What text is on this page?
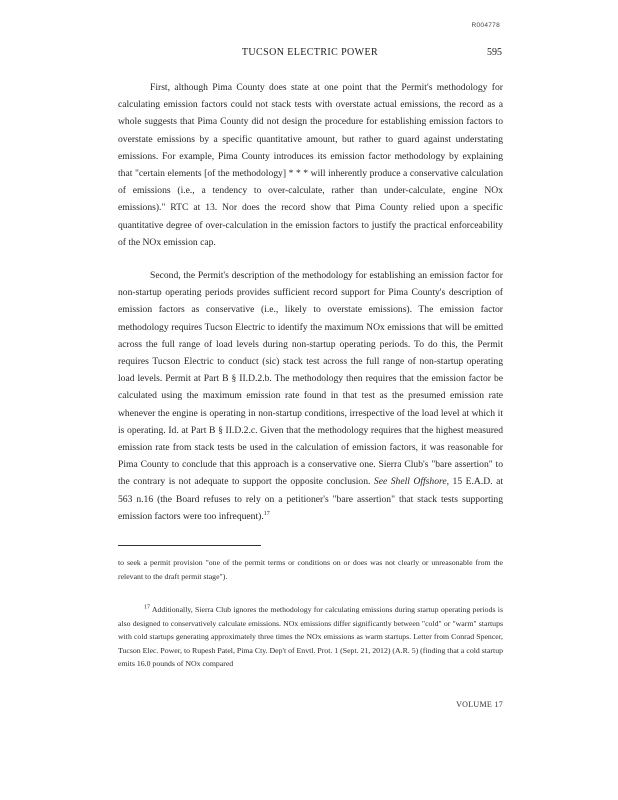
R004778
TUCSON ELECTRIC POWER	595

First, although Pima County does state at one point that the Permit's methodology for calculating emission factors could not stack tests with overstate actual emissions, the record as a whole suggests that Pima County did not design the procedure for establishing emission factors to overstate emissions by a specific quantitative amount, but rather to guard against understating emissions. For example, Pima County introduces its emission factor methodology by explaining that "certain elements [of the methodology] * * * will inherently produce a conservative calculation of emissions (i.e., a tendency to over-calculate, rather than under-calculate, engine NOx emissions)." RTC at 13. Nor does the record show that Pima County relied upon a specific quantitative degree of over-calculation in the emission factors to justify the practical enforceability of the NOx emission cap.

Second, the Permit's description of the methodology for establishing an emission factor for non-startup operating periods provides sufficient record support for Pima County's description of emission factors as conservative (i.e., likely to overstate emissions). The emission factor methodology requires Tucson Electric to identify the maximum NOx emissions that will be emitted across the full range of load levels during non-startup operating periods. To do this, the Permit requires Tucson Electric to conduct (sic) stack test across the full range of non-startup operating load levels. Permit at Part B § II.D.2.b. The methodology then requires that the emission factor be calculated using the maximum emission rate found in that test as the presumed emission rate whenever the engine is operating in non-startup conditions, irrespective of the load level at which it is operating. Id. at Part B § II.D.2.c. Given that the methodology requires that the highest measured emission rate from stack tests be used in the calculation of emission factors, it was reasonable for Pima County to conclude that this approach is a conservative one. Sierra Club's "bare assertion" to the contrary is not adequate to support the opposite conclusion. See Shell Offshore, 15 E.A.D. at 563 n.16 (the Board refuses to rely on a petitioner's "bare assertion" that stack tests supporting emission factors were too infrequent).$^{17}$

to seek a permit provision "one of the permit terms or conditions on or does was not clearly or unreasonable from the relevant to the draft permit stage").
$^{17}$ Additionally, Sierra Club ignores the methodology for calculating emissions during startup operating periods is also designed to conservatively calculate emissions. NOx emissions differ significantly between "cold" or "warm" startups with cold startups generating approximately three times the NOx emissions as warm startups. Letter from Conrad Spencer, Tucson Elec. Power, to Rupesh Patel, Pima Cty. Dep't of Envtl. Prot. 1 (Sept. 21, 2012) (A.R. 5) (finding that a cold startup emits 16.0 pounds of NOx compared
VOLUME 17
